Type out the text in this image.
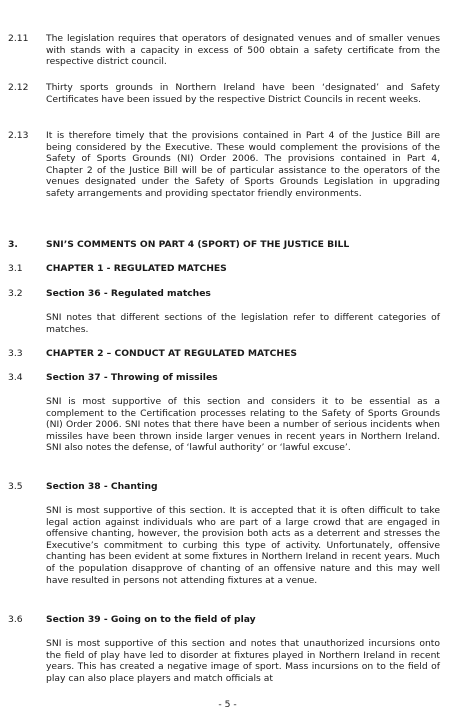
2.11 The legislation requires that operators of designated venues and of smaller venues with stands with a capacity in excess of 500 obtain a safety certificate from the respective district council.
2.12 Thirty sports grounds in Northern Ireland have been ‘designated’ and Safety Certificates have been issued by the respective District Councils in recent weeks.
2.13 It is therefore timely that the provisions contained in Part 4 of the Justice Bill are being considered by the Executive. These would complement the provisions of the Safety of Sports Grounds (NI) Order 2006. The provisions contained in Part 4, Chapter 2 of the Justice Bill will be of particular assistance to the operators of the venues designated under the Safety of Sports Grounds Legislation in upgrading safety arrangements and providing spectator friendly environments.
3.	SNI’S COMMENTS ON PART 4 (SPORT) OF THE JUSTICE BILL
3.1	CHAPTER 1 - REGULATED MATCHES
3.2	Section 36 - Regulated matches
SNI notes that different sections of the legislation refer to different categories of matches.
3.3	CHAPTER 2 – CONDUCT AT REGULATED MATCHES
3.4	Section 37 - Throwing of missiles
SNI is most supportive of this section and considers it to be essential as a complement to the Certification processes relating to the Safety of Sports Grounds (NI) Order 2006. SNI notes that there have been a number of serious incidents when missiles have been thrown inside larger venues in recent years in Northern Ireland. SNI also notes the defense, of ‘lawful authority’ or ‘lawful excuse’.
3.5	Section 38 - Chanting
SNI is most supportive of this section. It is accepted that it is often difficult to take legal action against individuals who are part of a large crowd that are engaged in offensive chanting, however, the provision both acts as a deterrent and stresses the Executive’s commitment to curbing this type of activity. Unfortunately, offensive chanting has been evident at some fixtures in Northern Ireland in recent years. Much of the population disapprove of chanting of an offensive nature and this may well have resulted in persons not attending fixtures at a venue.
3.6	Section 39 - Going on to the field of play
SNI is most supportive of this section and notes that unauthorized incursions onto the field of play have led to disorder at fixtures played in Northern Ireland in recent years. This has created a negative image of sport. Mass incursions on to the field of play can also place players and match officials at
- 5 -
